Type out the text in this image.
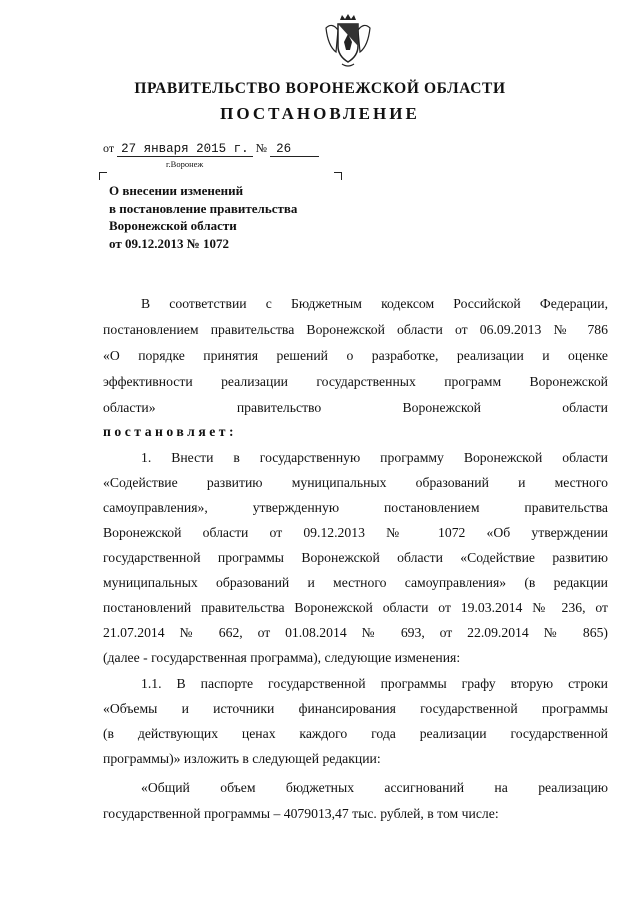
ПРАВИТЕЛЬСТВО ВОРОНЕЖСКОЙ ОБЛАСТИ
ПОСТАНОВЛЕНИЕ
от 27 января 2015 г. № 26
г.Воронеж
О внесении изменений
в постановление правительства
Воронежской области
от 09.12.2013 № 1072
В соответствии с Бюджетным кодексом Российской Федерации,
постановлением правительства Воронежской области от 06.09.2013 № 786
«О порядке принятия решений о разработке, реализации и оценке
эффективности реализации государственных программ Воронежской
области» правительство Воронежской области
постановляет:
1. Внести в государственную программу Воронежской области
«Содействие развитию муниципальных образований и местного
самоуправления», утвержденную постановлением правительства
Воронежской области от 09.12.2013 № 1072 «Об утверждении
государственной программы Воронежской области «Содействие развитию
муниципальных образований и местного самоуправления» (в редакции
постановлений правительства Воронежской области от 19.03.2014 № 236, от
21.07.2014 № 662, от 01.08.2014 № 693, от 22.09.2014 № 865)
(далее - государственная программа), следующие изменения:
1.1. В паспорте государственной программы графу вторую строки
«Объемы и источники финансирования государственной программы
(в действующих ценах каждого года реализации государственной
программы)» изложить в следующей редакции:
«Общий объем бюджетных ассигнований на реализацию
государственной программы – 4079013,47 тыс. рублей, в том числе:
